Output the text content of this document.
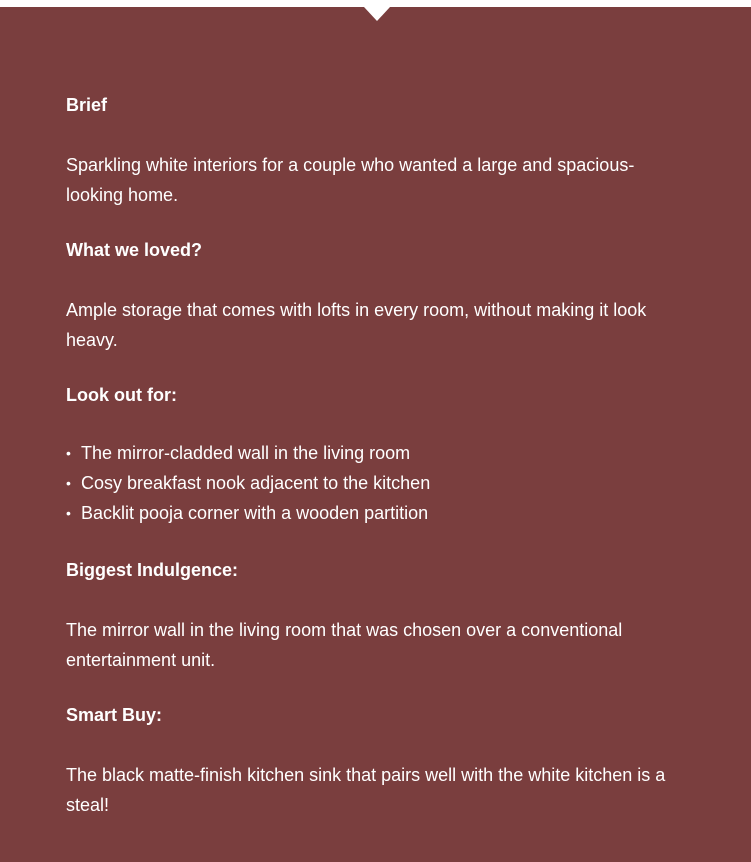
Brief

Sparkling white interiors for a couple who wanted a large and spacious-looking home.

What we loved?

Ample storage that comes with lofts in every room, without making it look heavy.

Look out for:

• The mirror-cladded wall in the living room
• Cosy breakfast nook adjacent to the kitchen
• Backlit pooja corner with a wooden partition

Biggest Indulgence:

The mirror wall in the living room that was chosen over a conventional entertainment unit.

Smart Buy:

The black matte-finish kitchen sink that pairs well with the white kitchen is a steal!
